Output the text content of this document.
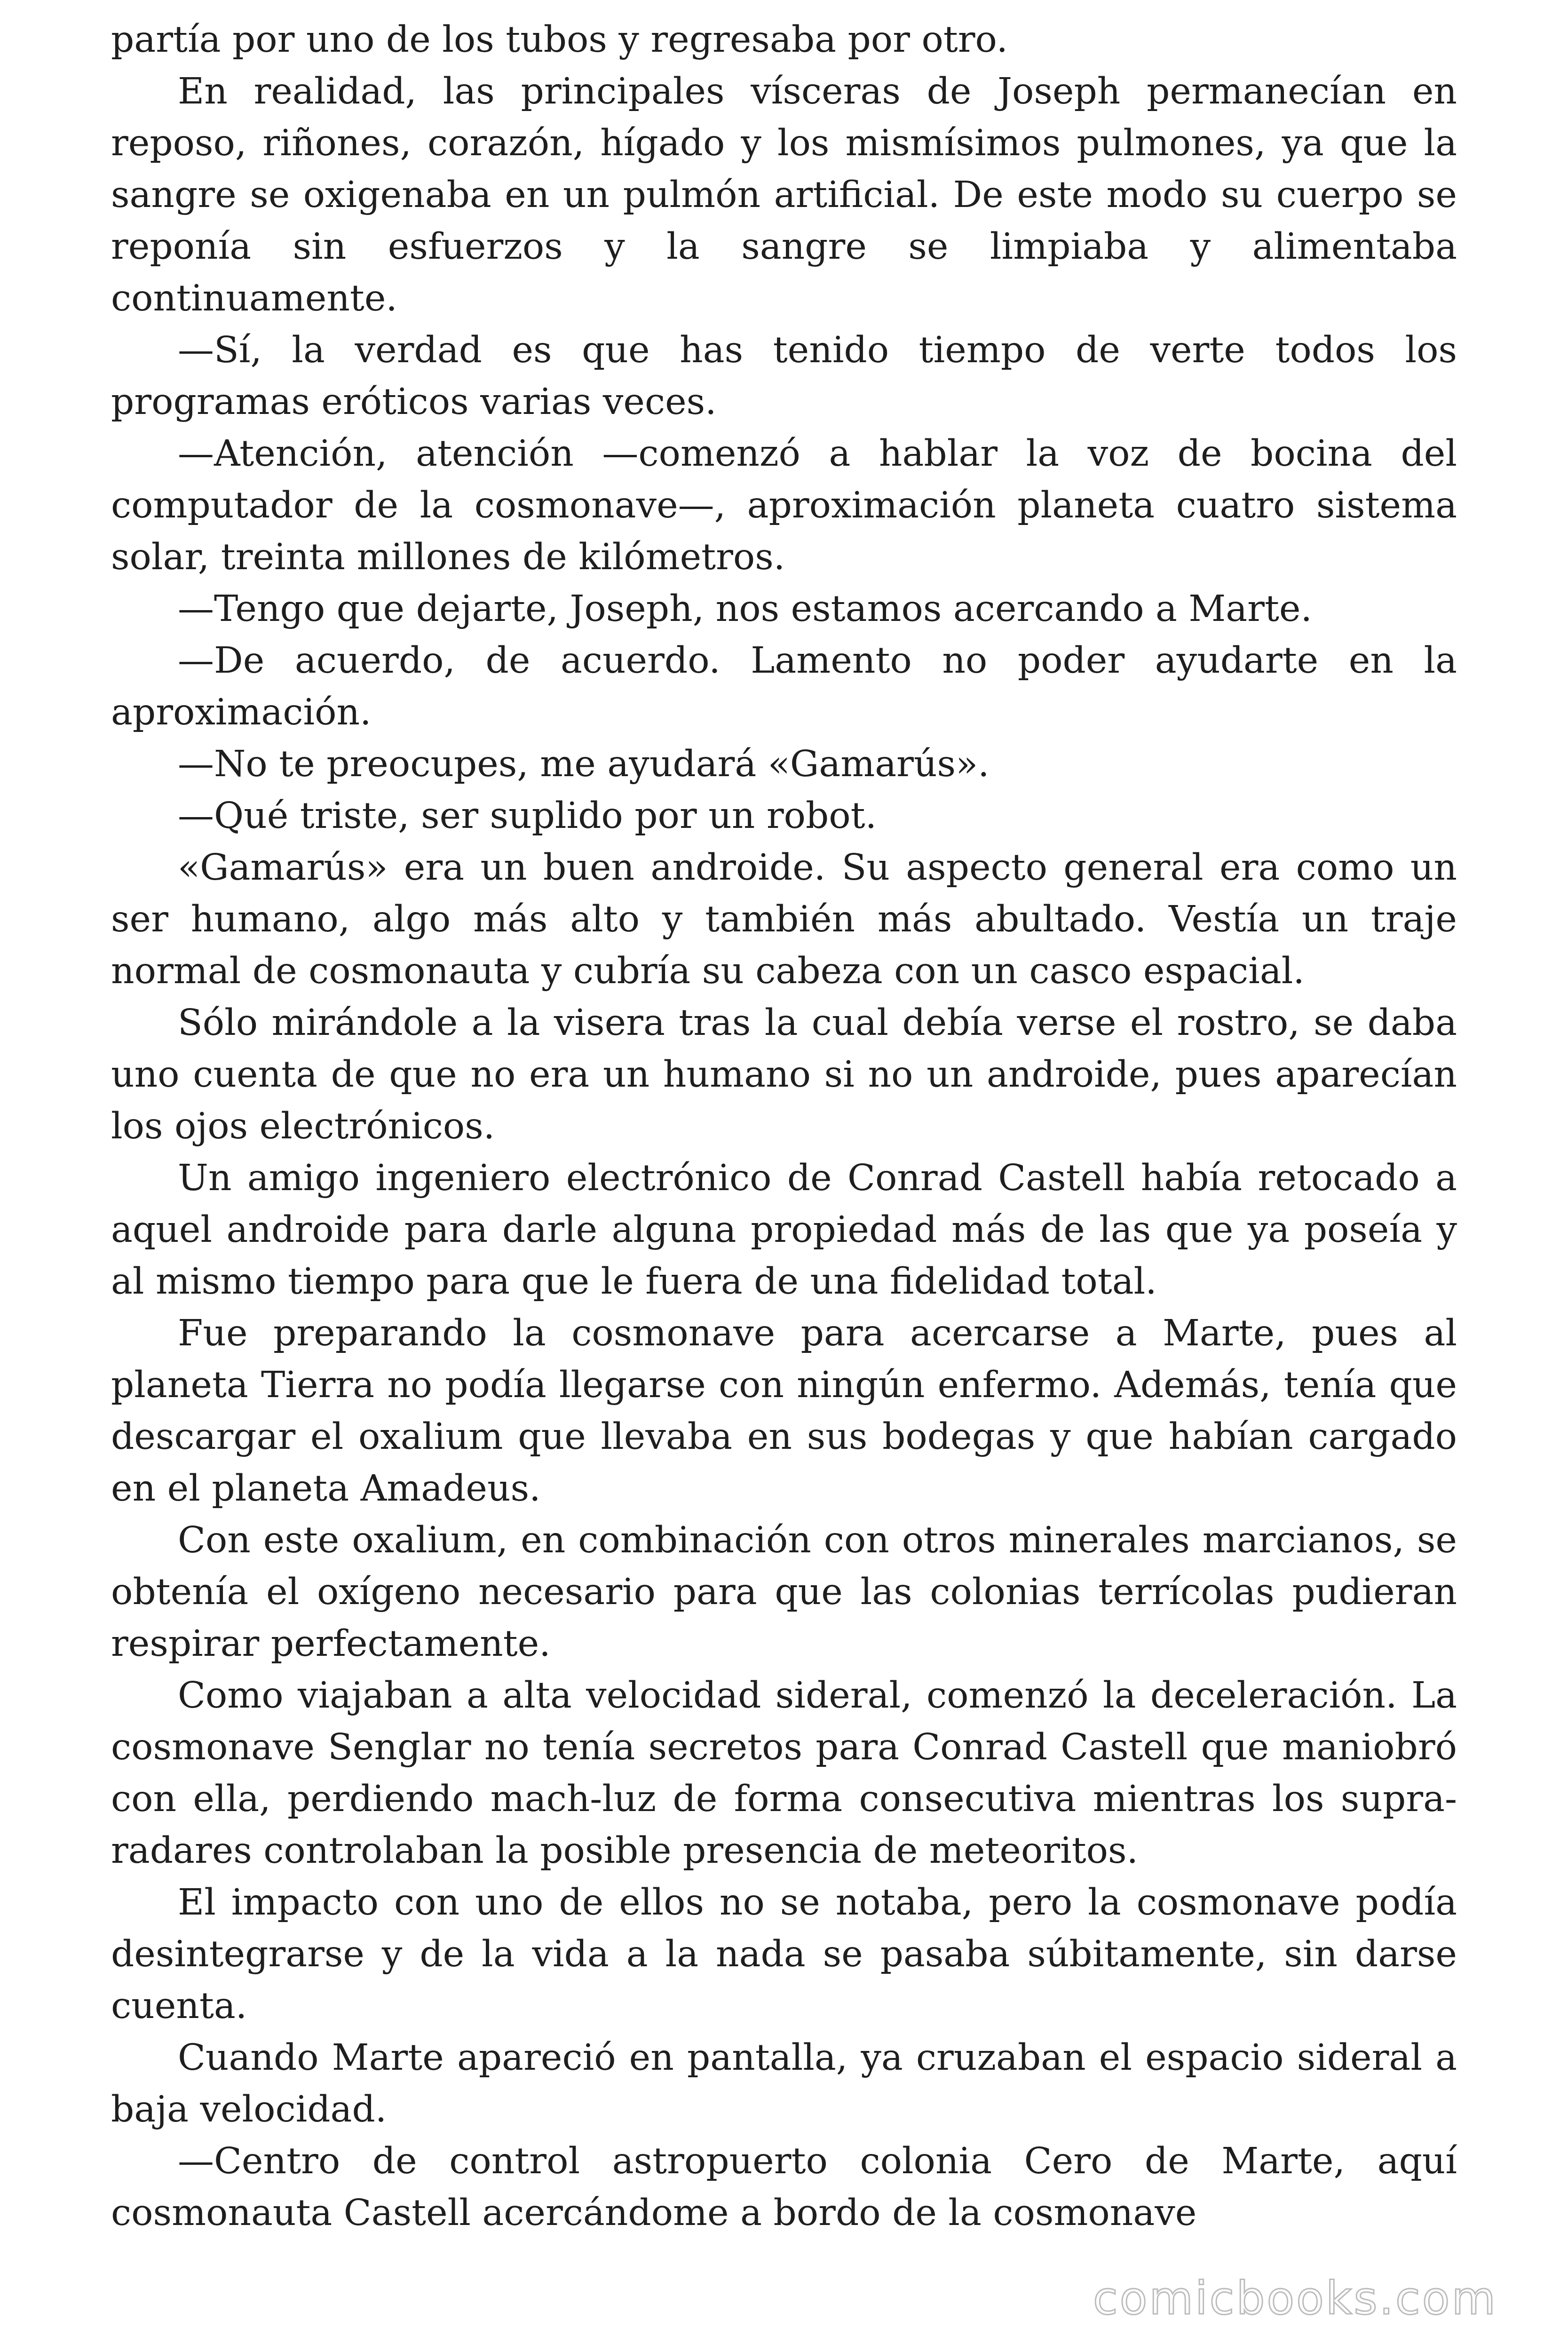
partía por uno de los tubos y regresaba por otro.

En realidad, las principales vísceras de Joseph permanecían en reposo, riñones, corazón, hígado y los mismísimos pulmones, ya que la sangre se oxigenaba en un pulmón artificial. De este modo su cuerpo se reponía sin esfuerzos y la sangre se limpiaba y alimentaba continuamente.

—Sí, la verdad es que has tenido tiempo de verte todos los programas eróticos varias veces.

—Atención, atención —comenzó a hablar la voz de bocina del computador de la cosmonave—, aproximación planeta cuatro sistema solar, treinta millones de kilómetros.

—Tengo que dejarte, Joseph, nos estamos acercando a Marte.

—De acuerdo, de acuerdo. Lamento no poder ayudarte en la aproximación.

—No te preocupes, me ayudará «Gamarús».

—Qué triste, ser suplido por un robot.

«Gamarús» era un buen androide. Su aspecto general era como un ser humano, algo más alto y también más abultado. Vestía un traje normal de cosmonauta y cubría su cabeza con un casco espacial.

Sólo mirándole a la visera tras la cual debía verse el rostro, se daba uno cuenta de que no era un humano si no un androide, pues aparecían los ojos electrónicos.

Un amigo ingeniero electrónico de Conrad Castell había retocado a aquel androide para darle alguna propiedad más de las que ya poseía y al mismo tiempo para que le fuera de una fidelidad total.

Fue preparando la cosmonave para acercarse a Marte, pues al planeta Tierra no podía llegarse con ningún enfermo. Además, tenía que descargar el oxalium que llevaba en sus bodegas y que habían cargado en el planeta Amadeus.

Con este oxalium, en combinación con otros minerales marcianos, se obtenía el oxígeno necesario para que las colonias terrícolas pudieran respirar perfectamente.

Como viajaban a alta velocidad sideral, comenzó la deceleración. La cosmonave Senglar no tenía secretos para Conrad Castell que maniobró con ella, perdiendo mach-luz de forma consecutiva mientras los supra-radares controlaban la posible presencia de meteoritos.

El impacto con uno de ellos no se notaba, pero la cosmonave podía desintegrarse y de la vida a la nada se pasaba súbitamente, sin darse cuenta.

Cuando Marte apareció en pantalla, ya cruzaban el espacio sideral a baja velocidad.

—Centro de control astropuerto colonia Cero de Marte, aquí cosmonauta Castell acercándome a bordo de la cosmonave

comicbooks.com
